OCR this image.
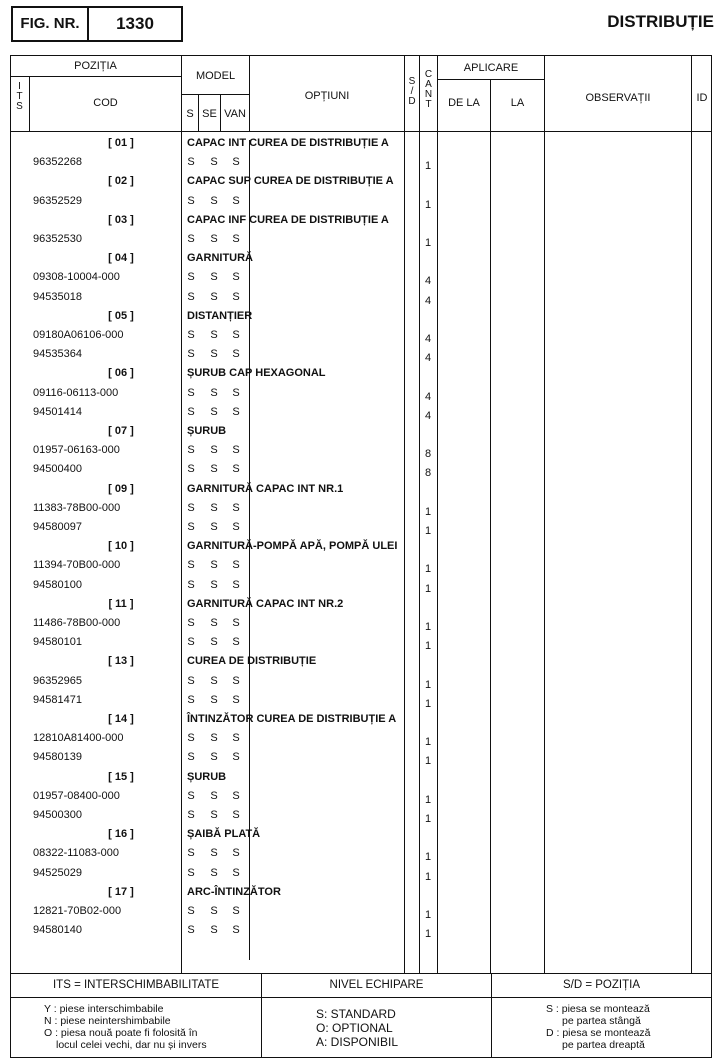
FIG. NR.	1330	DISTRIBUȚIE
POZIȚIA
I
T
S	COD
MODEL
S SE VAN
OPȚIUNI
S
/
D
C
A
N
T
APLICARE
DE LA	LA	OBSERVAȚII	ID
[ 01 ]	CAPAC INT CUREA DE DISTRIBUȚIE A
96352268	S S S	1
[ 02 ]	CAPAC SUP CUREA DE DISTRIBUȚIE A
96352529	S S S	1
[ 03 ]	CAPAC INF CUREA DE DISTRIBUȚIE A
96352530	S S S	1
[ 04 ]	GARNITURĂ
09308-10004-000	S S S	4
94535018	S S S	4
[ 05 ]	DISTANȚIER
09180A06106-000	S S S	4
94535364	S S S	4
[ 06 ]	ȘURUB CAP HEXAGONAL
09116-06113-000	S S S	4
94501414	S S S	4
[ 07 ]	ȘURUB
01957-06163-000	S S S	8
94500400	S S S	8
[ 09 ]	GARNITURĂ CAPAC INT NR.1
11383-78B00-000	S S S	1
94580097	S S S	1
[ 10 ]	GARNITURĂ-POMPĂ APĂ, POMPĂ ULEI
11394-70B00-000	S S S	1
94580100	S S S	1
[ 11 ]	GARNITURĂ CAPAC INT NR.2
11486-78B00-000	S S S	1
94580101	S S S	1
[ 13 ]	CUREA DE DISTRIBUȚIE
96352965	S S S	1
94581471	S S S	1
[ 14 ]	ÎNTINZĂTOR CUREA DE DISTRIBUȚIE A
12810A81400-000	S S S	1
94580139	S S S	1
[ 15 ]	ȘURUB
01957-08400-000	S S S	1
94500300	S S S	1
[ 16 ]	ȘAIBĂ PLATĂ
08322-11083-000	S S S	1
94525029	S S S	1
[ 17 ]	ARC-ÎNTINZĂTOR
12821-70B02-000	S S S	1
94580140	S S S	1
ITS = INTERSCHIMBABILITATE	NIVEL ECHIPARE	S/D = POZIȚIA
Y : piese interschimbabile
N : piese neintershimbabile
O : piesa nouă poate fi folosită în
locul celei vechi, dar nu și invers
S: STANDARD
O: OPTIONAL
A: DISPONIBIL
S : piesa se montează
pe partea stângă
D : piesa se montează
pe partea dreaptă
